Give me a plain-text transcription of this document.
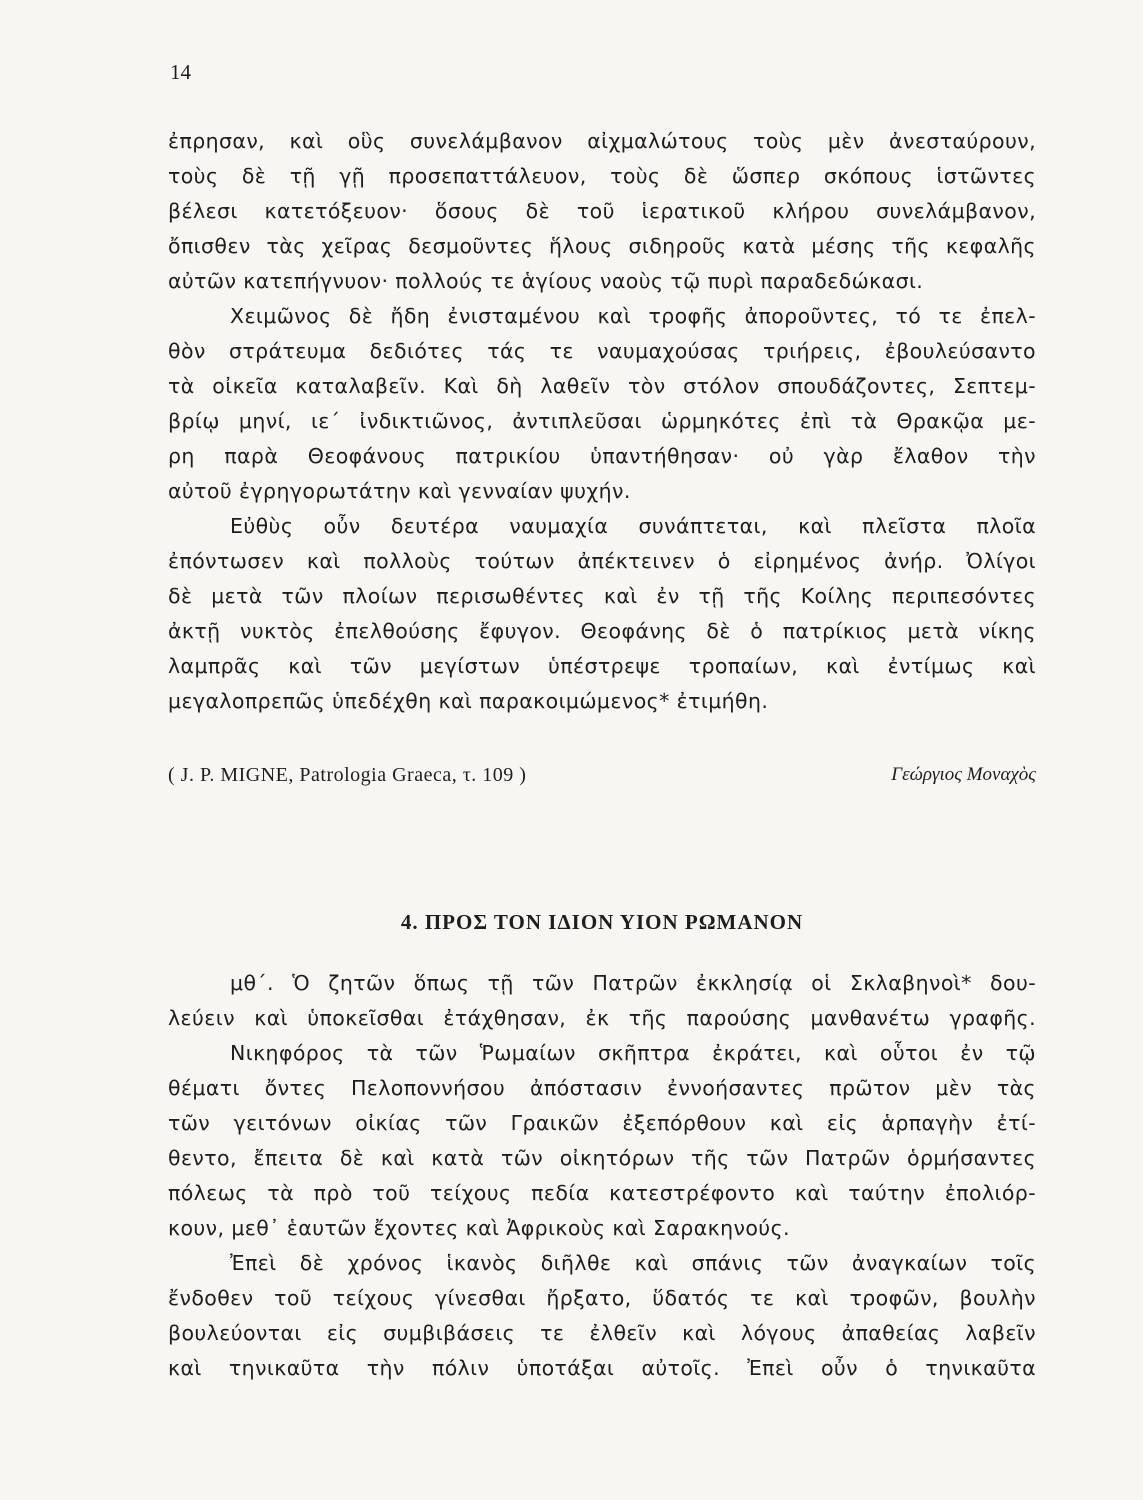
14
ἐπρησαν, καὶ οὓς συνελάμβανον αἰχμαλώτους τοὺς μὲν ἀνεσταύρουν,
τοὺς δὲ τῇ γῇ προσεπαττάλευον, τοὺς δὲ ὥσπερ σκόπους ἱστῶντες
βέλεσι κατετόξευον· ὅσους δὲ τοῦ ἱερατικοῦ κλήρου συνελάμβανον,
ὄπισθεν τὰς χεῖρας δεσμοῦντες ἥλους σιδηροῦς κατὰ μέσης τῆς κεφαλῆς
αὐτῶν κατεπήγνυον· πολλούς τε ἁγίους ναοὺς τῷ πυρὶ παραδεδώκασι.
Χειμῶνος δὲ ἤδη ἐνισταμένου καὶ τροφῆς ἀποροῦντες, τό τε ἐπελ-
θὸν στράτευμα δεδιότες τάς τε ναυμαχούσας τριήρεις, ἐβουλεύσαντο
τὰ οἰκεῖα καταλαβεῖν. Καὶ δὴ λαθεῖν τὸν στόλον σπουδάζοντες, Σεπτεμ-
βρίῳ μηνί, ιε΄ ἰνδικτιῶνος, ἀντιπλεῦσαι ὡρμηκότες ἐπὶ τὰ Θρακῷα με-
ρη παρὰ Θεοφάνους πατρικίου ὑπαντήθησαν· οὐ γὰρ ἔλαθον τὴν
αὐτοῦ ἐγρηγορωτάτην καὶ γενναίαν ψυχήν.
Εὐθὺς οὖν δευτέρα ναυμαχία συνάπτεται, καὶ πλεῖστα πλοῖα
ἐπόντωσεν καὶ πολλοὺς τούτων ἀπέκτεινεν ὁ εἰρημένος ἀνήρ. Ὀλίγοι
δὲ μετὰ τῶν πλοίων περισωθέντες καὶ ἐν τῇ τῆς Κοίλης περιπεσόντες
ἀκτῇ νυκτὸς ἐπελθούσης ἔφυγον. Θεοφάνης δὲ ὁ πατρίκιος μετὰ νίκης
λαμπρᾶς καὶ τῶν μεγίστων ὑπέστρεψε τροπαίων, καὶ ἐντίμως καὶ
μεγαλοπρεπῶς ὑπεδέχθη καὶ παρακοιμώμενος* ἐτιμήθη.
( J. P. MIGNE, Patrologia Graeca, τ. 109 )	Γεώργιος Μοναχὸς
4. ΠΡΟΣ ΤΟΝ ΙΔΙΟΝ ΥΙΟΝ ΡΩΜΑΝΟΝ
μθ΄. Ὁ ζητῶν ὅπως τῇ τῶν Πατρῶν ἐκκλησίᾳ οἱ Σκλαβηνοὶ* δου-
λεύειν καὶ ὑποκεῖσθαι ἐτάχθησαν, ἐκ τῆς παρούσης μανθανέτω γραφῆς.
Νικηφόρος τὰ τῶν Ῥωμαίων σκῆπτρα ἐκράτει, καὶ οὗτοι ἐν τῷ
θέματι ὄντες Πελοποννήσου ἀπόστασιν ἐννοήσαντες πρῶτον μὲν τὰς
τῶν γειτόνων οἰκίας τῶν Γραικῶν ἐξεπόρθουν καὶ εἰς ἁρπαγὴν ἐτί-
θεντο, ἔπειτα δὲ καὶ κατὰ τῶν οἰκητόρων τῆς τῶν Πατρῶν ὁρμήσαντες
πόλεως τὰ πρὸ τοῦ τείχους πεδία κατεστρέφοντο καὶ ταύτην ἐπολιόρ-
κουν, μεθ᾽ ἑαυτῶν ἔχοντες καὶ Ἀφρικοὺς καὶ Σαρακηνούς.
Ἐπεὶ δὲ χρόνος ἱκανὸς διῆλθε καὶ σπάνις τῶν ἀναγκαίων τοῖς
ἔνδοθεν τοῦ τείχους γίνεσθαι ἤρξατο, ὕδατός τε καὶ τροφῶν, βουλὴν
βουλεύονται εἰς συμβιβάσεις τε ἐλθεῖν καὶ λόγους ἀπαθείας λαβεῖν
καὶ τηνικαῦτα τὴν πόλιν ὑποτάξαι αὐτοῖς. Ἐπεὶ οὖν ὁ τηνικαῦτα
